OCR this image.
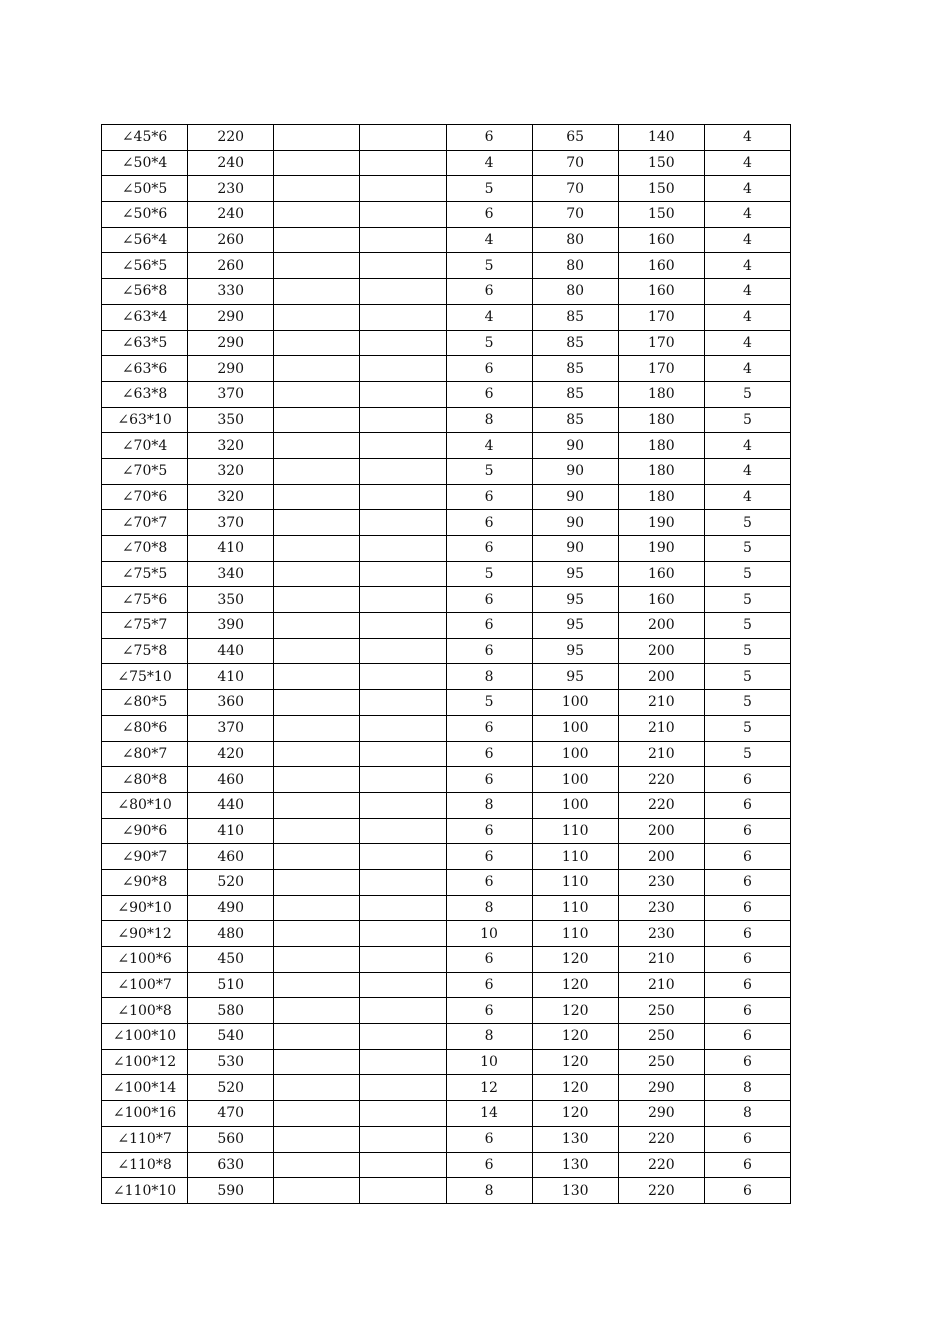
∠45*6	220			6	65	140	4
∠50*4	240			4	70	150	4
∠50*5	230			5	70	150	4
∠50*6	240			6	70	150	4
∠56*4	260			4	80	160	4
∠56*5	260			5	80	160	4
∠56*8	330			6	80	160	4
∠63*4	290			4	85	170	4
∠63*5	290			5	85	170	4
∠63*6	290			6	85	170	4
∠63*8	370			6	85	180	5
∠63*10	350			8	85	180	5
∠70*4	320			4	90	180	4
∠70*5	320			5	90	180	4
∠70*6	320			6	90	180	4
∠70*7	370			6	90	190	5
∠70*8	410			6	90	190	5
∠75*5	340			5	95	160	5
∠75*6	350			6	95	160	5
∠75*7	390			6	95	200	5
∠75*8	440			6	95	200	5
∠75*10	410			8	95	200	5
∠80*5	360			5	100	210	5
∠80*6	370			6	100	210	5
∠80*7	420			6	100	210	5
∠80*8	460			6	100	220	6
∠80*10	440			8	100	220	6
∠90*6	410			6	110	200	6
∠90*7	460			6	110	200	6
∠90*8	520			6	110	230	6
∠90*10	490			8	110	230	6
∠90*12	480			10	110	230	6
∠100*6	450			6	120	210	6
∠100*7	510			6	120	210	6
∠100*8	580			6	120	250	6
∠100*10	540			8	120	250	6
∠100*12	530			10	120	250	6
∠100*14	520			12	120	290	8
∠100*16	470			14	120	290	8
∠110*7	560			6	130	220	6
∠110*8	630			6	130	220	6
∠110*10	590			8	130	220	6
